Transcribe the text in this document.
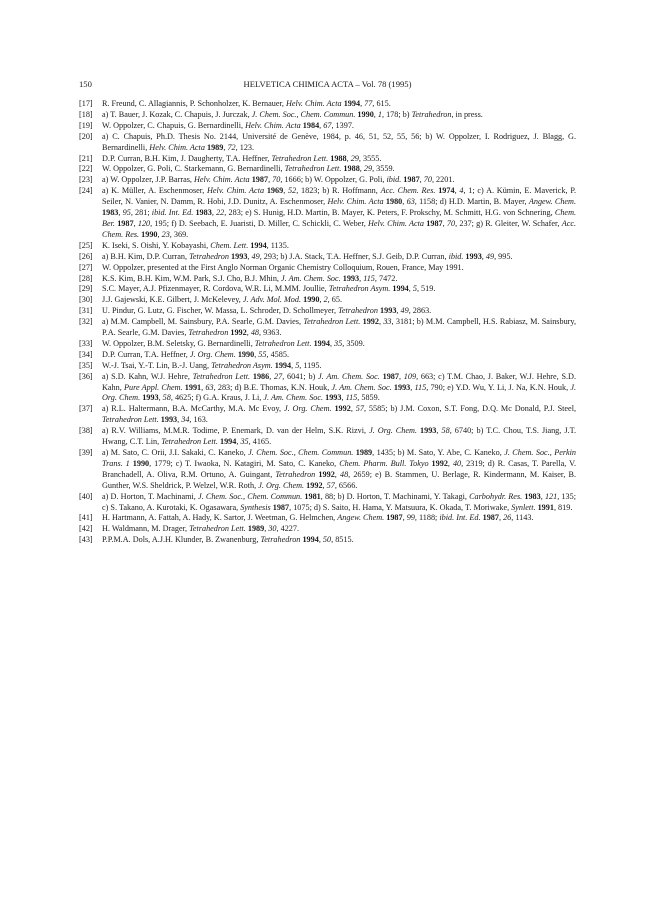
150	HELVETICA CHIMICA ACTA – Vol. 78 (1995)
[17] R. Freund, C. Allagiannis, P. Schonholzer, K. Bernauer, Helv. Chim. Acta 1994, 77, 615.
[18] a) T. Bauer, J. Kozak, C. Chapuis, J. Jurczak, J. Chem. Soc., Chem. Commun. 1990, 1, 178; b) Tetrahedron, in press.
[19] W. Oppolzer, C. Chapuis, G. Bernardinelli, Helv. Chim. Acta 1984, 67, 1397.
[20] a) C. Chapuis, Ph.D. Thesis No. 2144, Université de Genève, 1984, p. 46, 51, 52, 55, 56; b) W. Oppolzer, I. Rodriguez, J. Blagg, G. Bernardinelli, Helv. Chim. Acta 1989, 72, 123.
[21] D.P. Curran, B.H. Kim, J. Daugherty, T.A. Heffner, Tetrahedron Lett. 1988, 29, 3555.
[22] W. Oppolzer, G. Poli, C. Starkemann, G. Bernardinelli, Tetrahedron Lett. 1988, 29, 3559.
[23] a) W. Oppolzer, J.P. Barras, Helv. Chim. Acta 1987, 70, 1666; b) W. Oppolzer, G. Poli, ibid. 1987, 70, 2201.
[24] a) K. Müller, A. Eschenmoser, Helv. Chim. Acta 1969, 52, 1823; b) R. Hoffmann, Acc. Chem. Res. 1974, 4, 1; c) A. Kümin, E. Maverick, P. Seiler, N. Vanier, N. Damm, R. Hobi, J.D. Dunitz, A. Eschenmoser, Helv. Chim. Acta 1980, 63, 1158; d) H.D. Martin, B. Mayer, Angew. Chem. 1983, 95, 281; ibid. Int. Ed. 1983, 22, 283; e) S. Hunig, H.D. Martin, B. Mayer, K. Peters, F. Prokschy, M. Schmitt, H.G. von Schnering, Chem. Ber. 1987, 120, 195; f) D. Seebach, E. Juaristi, D. Miller, C. Schickli, C. Weber, Helv. Chim. Acta 1987, 70, 237; g) R. Gleiter, W. Schafer, Acc. Chem. Res. 1990, 23, 369.
[25] K. Iseki, S. Oishi, Y. Kobayashi, Chem. Lett. 1994, 1135.
[26] a) B.H. Kim, D.P. Curran, Tetrahedron 1993, 49, 293; b) J.A. Stack, T.A. Heffner, S.J. Geib, D.P. Curran, ibid. 1993, 49, 995.
[27] W. Oppolzer, presented at the First Anglo Norman Organic Chemistry Colloquium, Rouen, France, May 1991.
[28] K.S. Kim, B.H. Kim, W.M. Park, S.J. Cho, B.J. Mhin, J. Am. Chem. Soc. 1993, 115, 7472.
[29] S.C. Mayer, A.J. Pfizenmayer, R. Cordova, W.R. Li, M.MM. Joullie, Tetrahedron Asym. 1994, 5, 519.
[30] J.J. Gajewski, K.E. Gilbert, J. McKelevey, J. Adv. Mol. Mod. 1990, 2, 65.
[31] U. Pindur, G. Lutz, G. Fischer, W. Massa, L. Schroder, D. Schollmeyer, Tetrahedron 1993, 49, 2863.
[32] a) M.M. Campbell, M. Sainsbury, P.A. Searle, G.M. Davies, Tetrahedron Lett. 1992, 33, 3181; b) M.M. Campbell, H.S. Rabiasz, M. Sainsbury, P.A. Searle, G.M. Davies, Tetrahedron 1992, 48, 9363.
[33] W. Oppolzer, B.M. Seletsky, G. Bernardinelli, Tetrahedron Lett. 1994, 35, 3509.
[34] D.P. Curran, T.A. Heffner, J. Org. Chem. 1990, 55, 4585.
[35] W.-J. Tsai, Y.-T. Lin, B.-J. Uang, Tetrahedron Asym. 1994, 5, 1195.
[36] a) S.D. Kahn, W.J. Hehre, Tetrahedron Lett. 1986, 27, 6041; b) J. Am. Chem. Soc. 1987, 109, 663; c) T.M. Chao, J. Baker, W.J. Hehre, S.D. Kahn, Pure Appl. Chem. 1991, 63, 283; d) B.E. Thomas, K.N. Houk, J. Am. Chem. Soc. 1993, 115, 790; e) Y.D. Wu, Y. Li, J. Na, K.N. Houk, J. Org. Chem. 1993, 58, 4625; f) G.A. Kraus, J. Li, J. Am. Chem. Soc. 1993, 115, 5859.
[37] a) R.L. Haltermann, B.A. McCarthy, M.A. Mc Evoy, J. Org. Chem. 1992, 57, 5585; b) J.M. Coxon, S.T. Fong, D.Q. Mc Donald, P.J. Steel, Tetrahedron Lett. 1993, 34, 163.
[38] a) R.V. Williams, M.M.R. Todime, P. Enemark, D. van der Helm, S.K. Rizvi, J. Org. Chem. 1993, 58, 6740; b) T.C. Chou, T.S. Jiang, J.T. Hwang, C.T. Lin, Tetrahedron Lett. 1994, 35, 4165.
[39] a) M. Sato, C. Orii, J.I. Sakaki, C. Kaneko, J. Chem. Soc., Chem. Commun. 1989, 1435; b) M. Sato, Y. Abe, C. Kaneko, J. Chem. Soc., Perkin Trans. 1 1990, 1779; c) T. Iwaoka, N. Katagiri, M. Sato, C. Kaneko, Chem. Pharm. Bull. Tokyo 1992, 40, 2319; d) R. Casas, T. Parella, V. Branchadell, A. Oliva, R.M. Ortuno, A. Guingant, Tetrahedron 1992, 48, 2659; e) B. Stammen, U. Berlage, R. Kindermann, M. Kaiser, B. Gunther, W.S. Sheldrick, P. Welzel, W.R. Roth, J. Org. Chem. 1992, 57, 6566.
[40] a) D. Horton, T. Machinami, J. Chem. Soc., Chem. Commun. 1981, 88; b) D. Horton, T. Machinami, Y. Takagi, Carbohydr. Res. 1983, 121, 135; c) S. Takano, A. Kurotaki, K. Ogasawara, Synthesis 1987, 1075; d) S. Saito, H. Hama, Y. Matsuura, K. Okada, T. Moriwake, Synlett. 1991, 819.
[41] H. Hartmann, A. Fattah, A. Hady, K. Sartor, J. Weetman, G. Helmchen, Angew. Chem. 1987, 99, 1188; ibid. Int. Ed. 1987, 26, 1143.
[42] H. Waldmann, M. Drager, Tetrahedron Lett. 1989, 30, 4227.
[43] P.P.M.A. Dols, A.J.H. Klunder, B. Zwanenburg, Tetrahedron 1994, 50, 8515.
